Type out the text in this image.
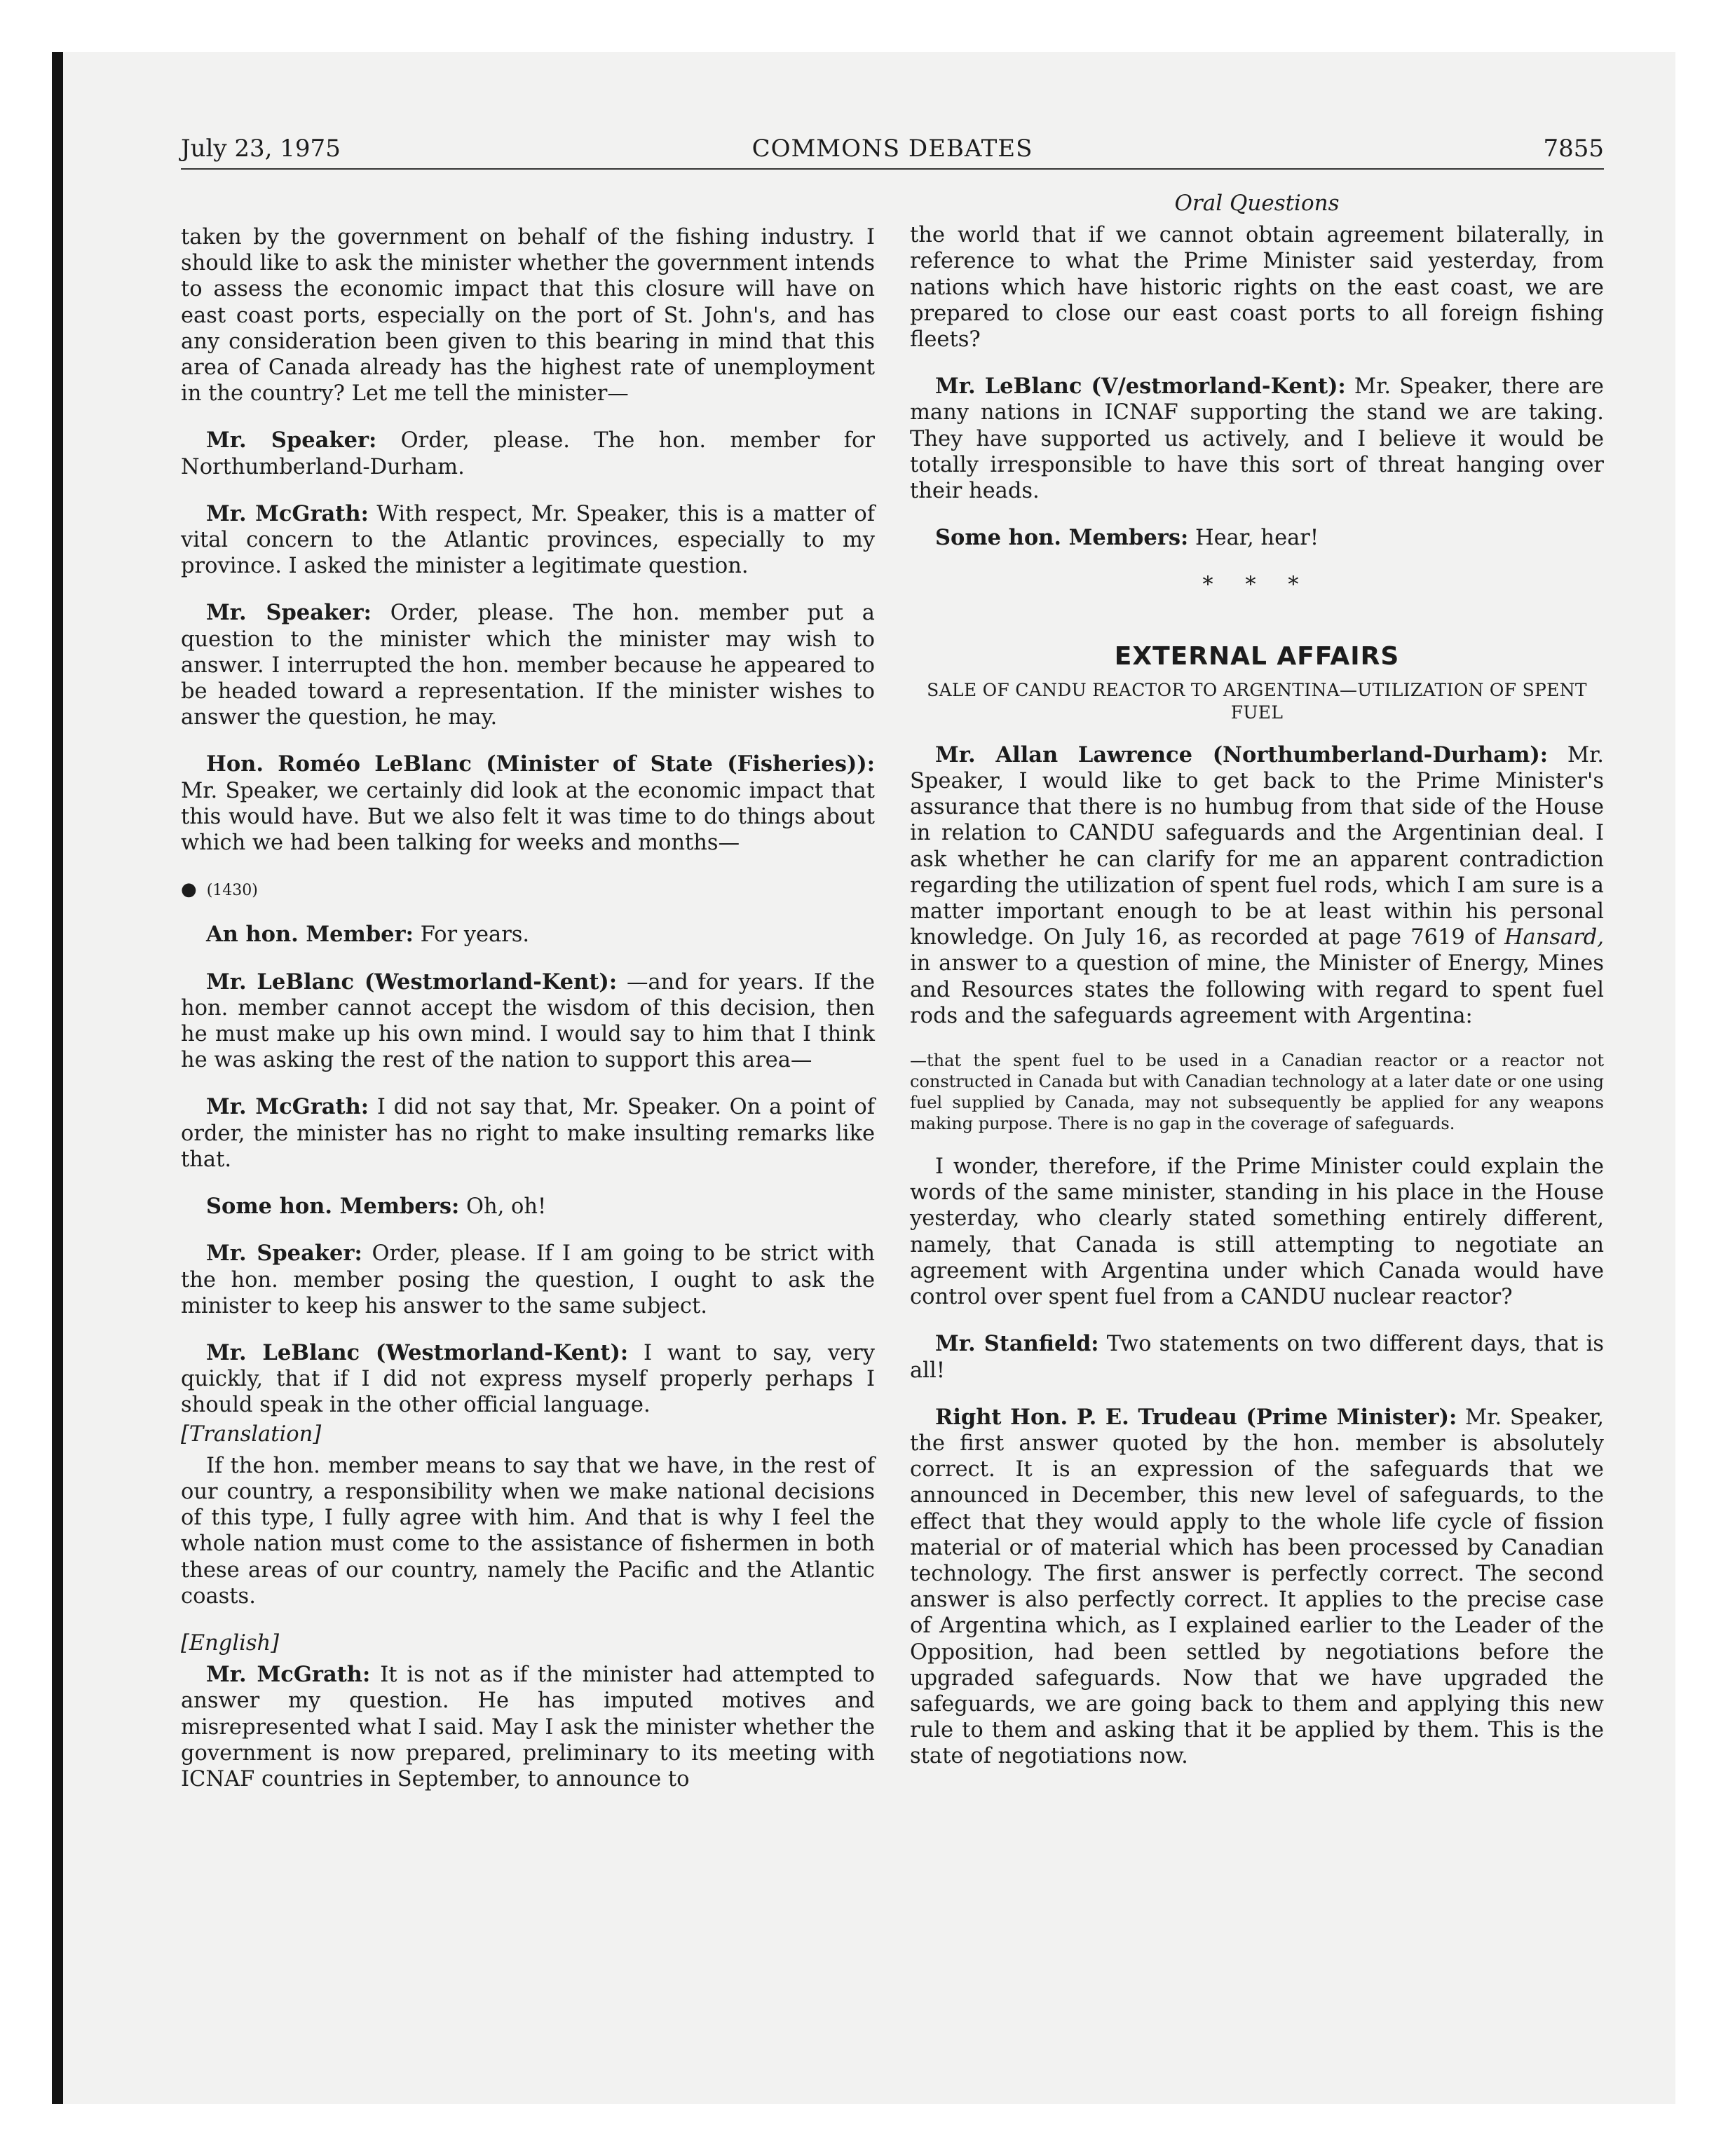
July 23, 1975	COMMONS DEBATES	7855

taken by the government on behalf of the fishing industry. I should like to ask the minister whether the government intends to assess the economic impact that this closure will have on east coast ports, especially on the port of St. John's, and has any consideration been given to this bearing in mind that this area of Canada already has the highest rate of unemployment in the country? Let me tell the minister—

Mr. Speaker: Order, please. The hon. member for Northumberland-Durham.

Mr. McGrath: With respect, Mr. Speaker, this is a matter of vital concern to the Atlantic provinces, especially to my province. I asked the minister a legitimate question.

Mr. Speaker: Order, please. The hon. member put a question to the minister which the minister may wish to answer. I interrupted the hon. member because he appeared to be headed toward a representation. If the minister wishes to answer the question, he may.

Hon. Roméo LeBlanc (Minister of State (Fisheries)): Mr. Speaker, we certainly did look at the economic impact that this would have. But we also felt it was time to do things about which we had been talking for weeks and months—

● (1430)

An hon. Member: For years.

Mr. LeBlanc (Westmorland-Kent): —and for years. If the hon. member cannot accept the wisdom of this decision, then he must make up his own mind. I would say to him that I think he was asking the rest of the nation to support this area—

Mr. McGrath: I did not say that, Mr. Speaker. On a point of order, the minister has no right to make insulting remarks like that.

Some hon. Members: Oh, oh!

Mr. Speaker: Order, please. If I am going to be strict with the hon. member posing the question, I ought to ask the minister to keep his answer to the same subject.

Mr. LeBlanc (Westmorland-Kent): I want to say, very quickly, that if I did not express myself properly perhaps I should speak in the other official language.

[Translation]

If the hon. member means to say that we have, in the rest of our country, a responsibility when we make national decisions of this type, I fully agree with him. And that is why I feel the whole nation must come to the assistance of fishermen in both these areas of our country, namely the Pacific and the Atlantic coasts.

[English]

Mr. McGrath: It is not as if the minister had attempted to answer my question. He has imputed motives and misrepresented what I said. May I ask the minister whether the government is now prepared, preliminary to its meeting with ICNAF countries in September, to announce to

Oral Questions

the world that if we cannot obtain agreement bilaterally, in reference to what the Prime Minister said yesterday, from nations which have historic rights on the east coast, we are prepared to close our east coast ports to all foreign fishing fleets?

Mr. LeBlanc (V/estmorland-Kent): Mr. Speaker, there are many nations in ICNAF supporting the stand we are taking. They have supported us actively, and I believe it would be totally irresponsible to have this sort of threat hanging over their heads.

Some hon. Members: Hear, hear!

* * *
EXTERNAL AFFAIRS
SALE OF CANDU REACTOR TO ARGENTINA—UTILIZATION OF SPENT FUEL

Mr. Allan Lawrence (Northumberland-Durham): Mr. Speaker, I would like to get back to the Prime Minister's assurance that there is no humbug from that side of the House in relation to CANDU safeguards and the Argentinian deal. I ask whether he can clarify for me an apparent contradiction regarding the utilization of spent fuel rods, which I am sure is a matter important enough to be at least within his personal knowledge. On July 16, as recorded at page 7619 of Hansard, in answer to a question of mine, the Minister of Energy, Mines and Resources states the following with regard to spent fuel rods and the safeguards agreement with Argentina:

—that the spent fuel to be used in a Canadian reactor or a reactor not constructed in Canada but with Canadian technology at a later date or one using fuel supplied by Canada, may not subsequently be applied for any weapons making purpose. There is no gap in the coverage of safeguards.

I wonder, therefore, if the Prime Minister could explain the words of the same minister, standing in his place in the House yesterday, who clearly stated something entirely different, namely, that Canada is still attempting to negotiate an agreement with Argentina under which Canada would have control over spent fuel from a CANDU nuclear reactor?

Mr. Stanfield: Two statements on two different days, that is all!

Right Hon. P. E. Trudeau (Prime Minister): Mr. Speaker, the first answer quoted by the hon. member is absolutely correct. It is an expression of the safeguards that we announced in December, this new level of safeguards, to the effect that they would apply to the whole life cycle of fission material or of material which has been processed by Canadian technology. The first answer is perfectly correct. The second answer is also perfectly correct. It applies to the precise case of Argentina which, as I explained earlier to the Leader of the Opposition, had been settled by negotiations before the upgraded safeguards. Now that we have upgraded the safeguards, we are going back to them and applying this new rule to them and asking that it be applied by them. This is the state of negotiations now.
